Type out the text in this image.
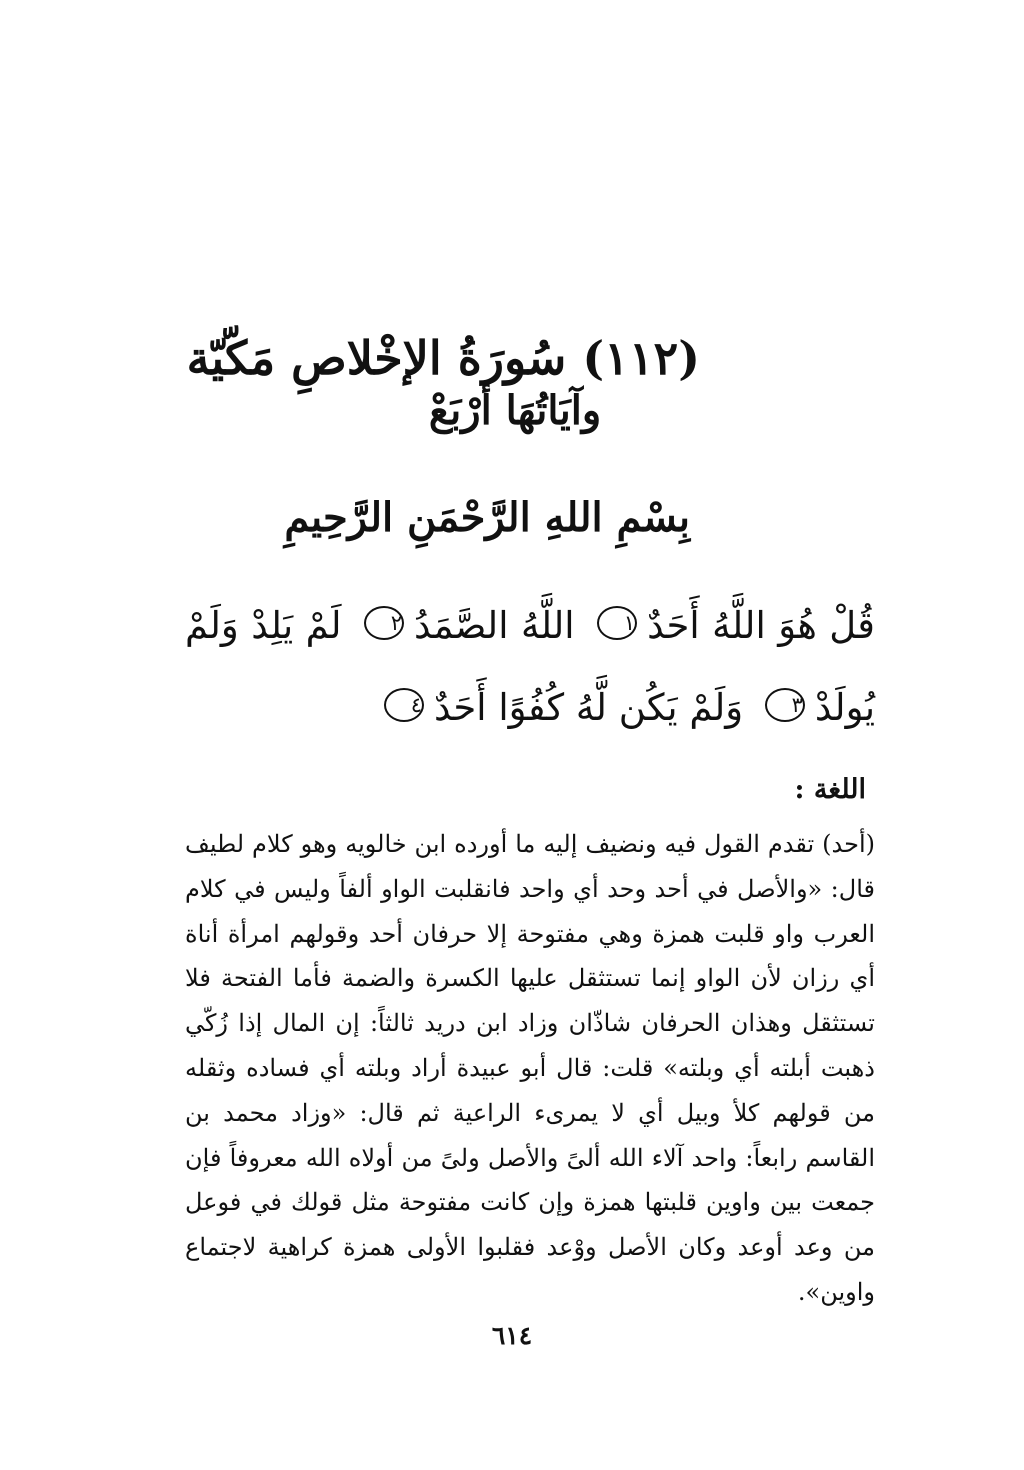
(١١٢) سُورَةُ الإخْلاصِ مَكّيّة
وآيَاتُهَا أرْبَعْ
بِسْمِ اللهِ الرَّحْمَنِ الرَّحِيمِ
قُلْ هُوَ اللَّهُ أَحَدٌ١ اللَّهُ الصَّمَدُ٢ لَمْ يَلِدْ وَلَمْ يُولَدْ٣ وَلَمْ يَكُن لَّهُ كُفُوًا أَحَدٌ٤
اللغة :
(أحد) تقدم القول فيه ونضيف إليه ما أورده ابن خالويه وهو كلام لطيف قال: «والأصل في أحد وحد أي واحد فانقلبت الواو ألفاً وليس في كلام العرب واو قلبت همزة وهي مفتوحة إلا حرفان أحد وقولهم امرأة أناة أي رزان لأن الواو إنما تستثقل عليها الكسرة والضمة فأما الفتحة فلا تستثقل وهذان الحرفان شاذّان وزاد ابن دريد ثالثاً: إن المال إذا زُكّي ذهبت أبلته أي وبلته» قلت: قال أبو عبيدة أراد وبلته أي فساده وثقله من قولهم كلأ وبيل أي لا يمرىء الراعية ثم قال: «وزاد محمد بن القاسم رابعاً: واحد آلاء الله ألىً والأصل ولىً من أولاه الله معروفاً فإن جمعت بين واوين قلبتها همزة وإن كانت مفتوحة مثل قولك في فوعل من وعد أوعد وكان الأصل ووْعد فقلبوا الأولى همزة كراهية لاجتماع واوين».
٦١٤
